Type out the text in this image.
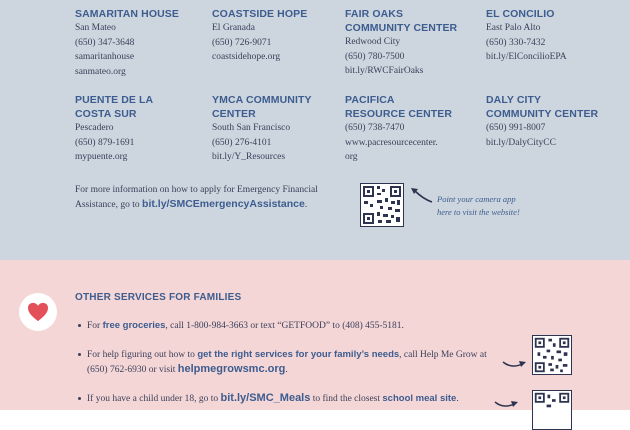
SAMARITAN HOUSE
San Mateo
(650) 347-3648
samaritanhouse
sanmateo.org
COASTSIDE HOPE
El Granada
(650) 726-9071
coastsidehope.org
FAIR OAKS
COMMUNITY CENTER
Redwood City
(650) 780-7500
bit.ly/RWCFairOaks
EL CONCILIO
East Palo Alto
(650) 330-7432
bit.ly/ElConcilioEPA
PUENTE DE LA
COSTA SUR
Pescadero
(650) 879-1691
mypuente.org
YMCA COMMUNITY
CENTER
South San Francisco
(650) 276-4101
bit.ly/Y_Resources
PACIFICA
RESOURCE CENTER
(650) 738-7470
www.pacresourcecenter.
org
DALY CITY
COMMUNITY CENTER
(650) 991-8007
bit.ly/DalyCityCC
For more information on how to apply for Emergency Financial Assistance, go to bit.ly/SMCEmergencyAssistance.
Point your camera app
here to visit the website!
OTHER SERVICES FOR FAMILIES
For free groceries, call 1-800-984-3663 or text “GETFOOD” to (408) 455-5181.
For help figuring out how to get the right services for your family’s needs, call Help Me Grow at
(650) 762-6930 or visit helpmegrowsmc.org.
If you have a child under 18, go to bit.ly/SMC_Meals to find the closest school meal site.
